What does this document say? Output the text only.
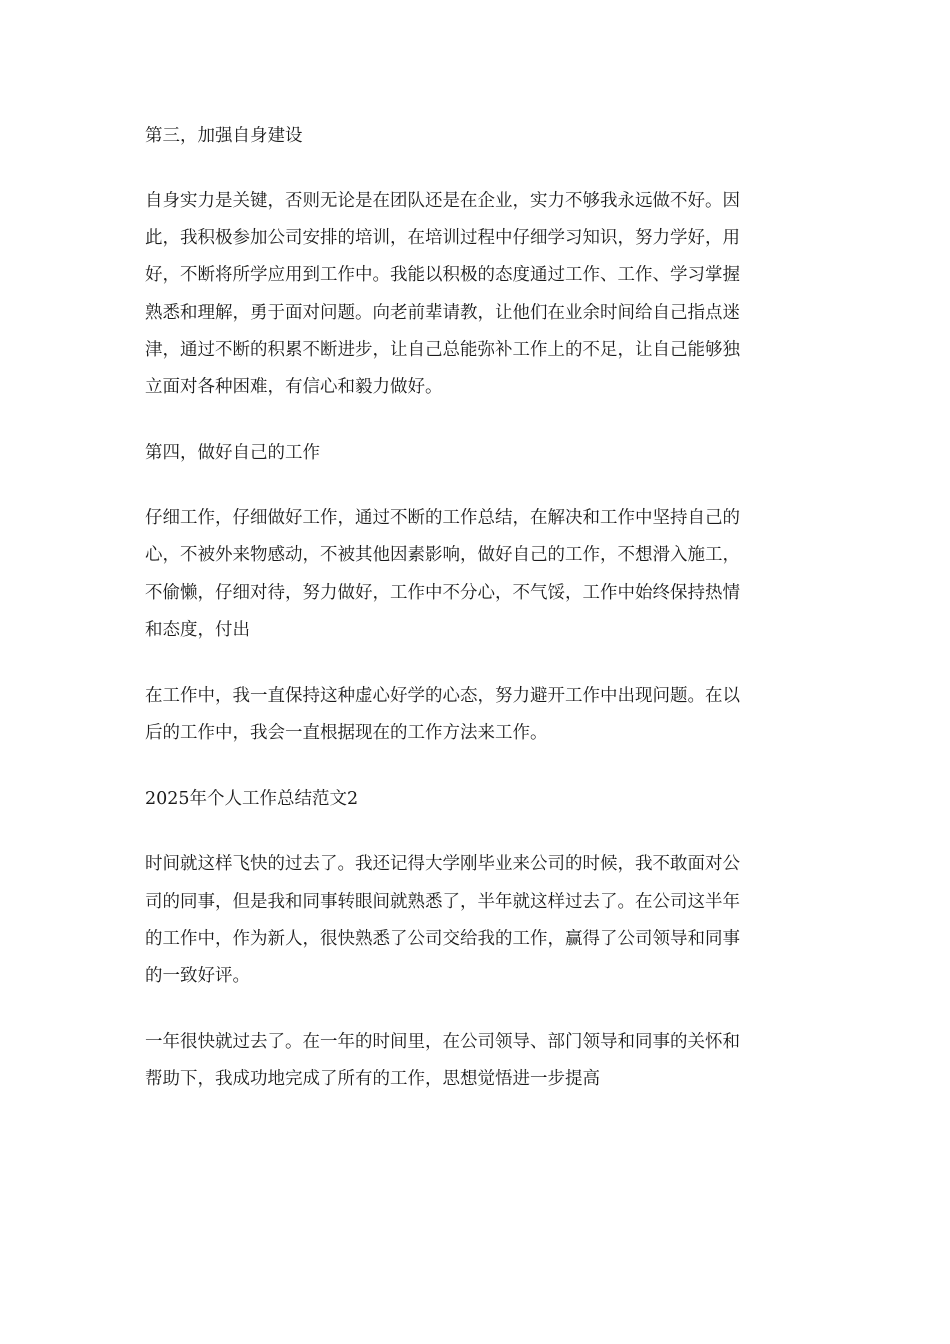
第三，加强自身建设
自身实力是关键，否则无论是在团队还是在企业，实力不够我永远做不好。因
此，我积极参加公司安排的培训，在培训过程中仔细学习知识，努力学好，用
好，不断将所学应用到工作中。我能以积极的态度通过工作、工作、学习掌握
熟悉和理解，勇于面对问题。向老前辈请教，让他们在业余时间给自己指点迷
津，通过不断的积累不断进步，让自己总能弥补工作上的不足，让自己能够独
立面对各种困难，有信心和毅力做好。
第四，做好自己的工作
仔细工作，仔细做好工作，通过不断的工作总结，在解决和工作中坚持自己的
心，不被外来物感动，不被其他因素影响，做好自己的工作，不想滑入施工，
不偷懒，仔细对待，努力做好，工作中不分心，不气馁，工作中始终保持热情
和态度，付出
在工作中，我一直保持这种虚心好学的心态，努力避开工作中出现问题。在以
后的工作中，我会一直根据现在的工作方法来工作。
2025年个人工作总结范文2
时间就这样飞快的过去了。我还记得大学刚毕业来公司的时候，我不敢面对公
司的同事，但是我和同事转眼间就熟悉了，半年就这样过去了。在公司这半年
的工作中，作为新人，很快熟悉了公司交给我的工作，赢得了公司领导和同事
的一致好评。
一年很快就过去了。在一年的时间里，在公司领导、部门领导和同事的关怀和
帮助下，我成功地完成了所有的工作，思想觉悟进一步提高
